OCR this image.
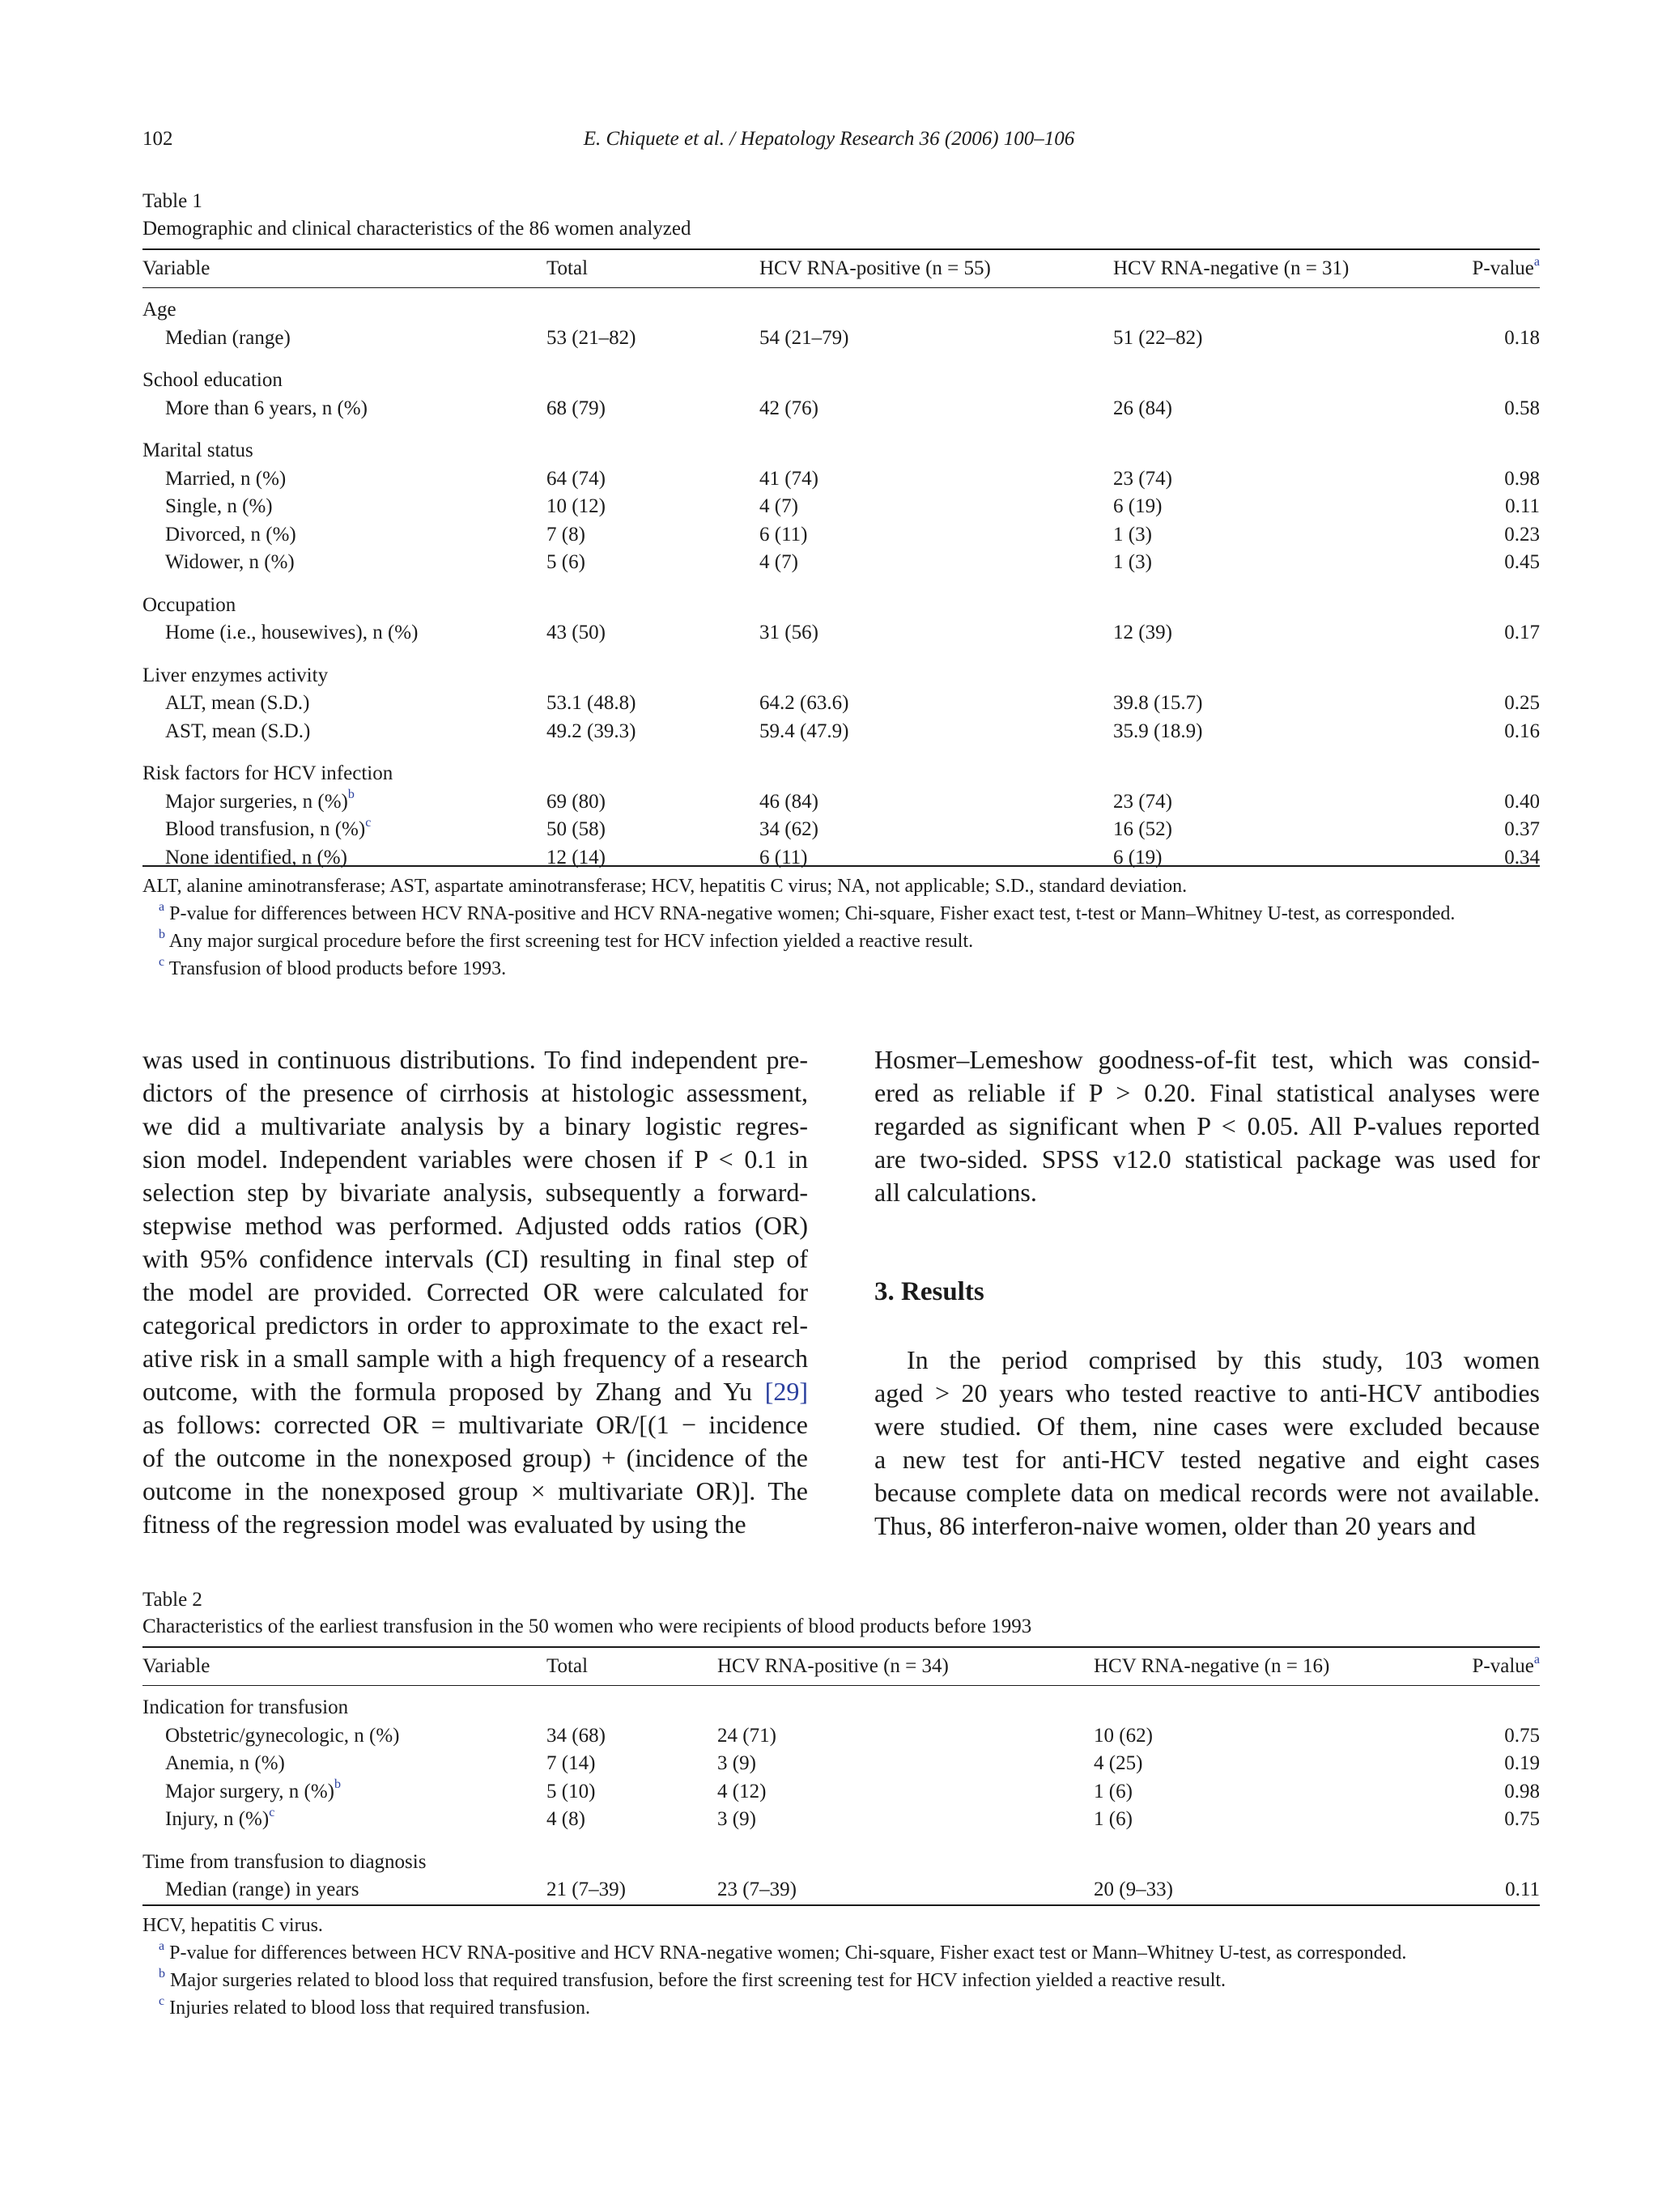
102	E. Chiquete et al. / Hepatology Research 36 (2006) 100–106
Table 1
Demographic and clinical characteristics of the 86 women analyzed
Variable	Total	HCV RNA-positive (n = 55)	HCV RNA-negative (n = 31)	P-value$^a$
Age				
Median (range)	53 (21–82)	54 (21–79)	51 (22–82)	0.18
School education				
More than 6 years, n (%)	68 (79)	42 (76)	26 (84)	0.58
Marital status				
Married, n (%)	64 (74)	41 (74)	23 (74)	0.98
Single, n (%)	10 (12)	4 (7)	6 (19)	0.11
Divorced, n (%)	7 (8)	6 (11)	1 (3)	0.23
Widower, n (%)	5 (6)	4 (7)	1 (3)	0.45
Occupation				
Home (i.e., housewives), n (%)	43 (50)	31 (56)	12 (39)	0.17
Liver enzymes activity				
ALT, mean (S.D.)	53.1 (48.8)	64.2 (63.6)	39.8 (15.7)	0.25
AST, mean (S.D.)	49.2 (39.3)	59.4 (47.9)	35.9 (18.9)	0.16
Risk factors for HCV infection				
Major surgeries, n (%)$^b$	69 (80)	46 (84)	23 (74)	0.40
Blood transfusion, n (%)$^c$	50 (58)	34 (62)	16 (52)	0.37
None identified, n (%)	12 (14)	6 (11)	6 (19)	0.34

ALT, alanine aminotransferase; AST, aspartate aminotransferase; HCV, hepatitis C virus; NA, not applicable; S.D., standard deviation.

$^a$ P-value for differences between HCV RNA-positive and HCV RNA-negative women; Chi-square, Fisher exact test, t-test or Mann–Whitney U-test, as corresponded.

$^b$ Any major surgical procedure before the first screening test for HCV infection yielded a reactive result.

$^c$ Transfusion of blood products before 1993.

was used in continuous distributions. To find independent pre-

dictors of the presence of cirrhosis at histologic assessment,

we did a multivariate analysis by a binary logistic regres-

sion model. Independent variables were chosen if P < 0.1 in

selection step by bivariate analysis, subsequently a forward-

stepwise method was performed. Adjusted odds ratios (OR)

with 95% confidence intervals (CI) resulting in final step of

the model are provided. Corrected OR were calculated for

categorical predictors in order to approximate to the exact rel-

ative risk in a small sample with a high frequency of a research

outcome, with the formula proposed by Zhang and Yu [29]

as follows: corrected OR = multivariate OR/[(1 − incidence

of the outcome in the nonexposed group) + (incidence of the

outcome in the nonexposed group × multivariate OR)]. The

fitness of the regression model was evaluated by using the

Hosmer–Lemeshow goodness-of-fit test, which was consid-

ered as reliable if P > 0.20. Final statistical analyses were

regarded as significant when P < 0.05. All P-values reported

are two-sided. SPSS v12.0 statistical package was used for

all calculations.

3. Results

In the period comprised by this study, 103 women

aged > 20 years who tested reactive to anti-HCV antibodies

were studied. Of them, nine cases were excluded because

a new test for anti-HCV tested negative and eight cases

because complete data on medical records were not available.

Thus, 86 interferon-naive women, older than 20 years and

Table 2
Characteristics of the earliest transfusion in the 50 women who were recipients of blood products before 1993
Variable	Total	HCV RNA-positive (n = 34)	HCV RNA-negative (n = 16)	P-value$^a$
Indication for transfusion				
Obstetric/gynecologic, n (%)	34 (68)	24 (71)	10 (62)	0.75
Anemia, n (%)	7 (14)	3 (9)	4 (25)	0.19
Major surgery, n (%)$^b$	5 (10)	4 (12)	1 (6)	0.98
Injury, n (%)$^c$	4 (8)	3 (9)	1 (6)	0.75
Time from transfusion to diagnosis				
Median (range) in years	21 (7–39)	23 (7–39)	20 (9–33)	0.11

HCV, hepatitis C virus.

$^a$ P-value for differences between HCV RNA-positive and HCV RNA-negative women; Chi-square, Fisher exact test or Mann–Whitney U-test, as corresponded.

$^b$ Major surgeries related to blood loss that required transfusion, before the first screening test for HCV infection yielded a reactive result.

$^c$ Injuries related to blood loss that required transfusion.
